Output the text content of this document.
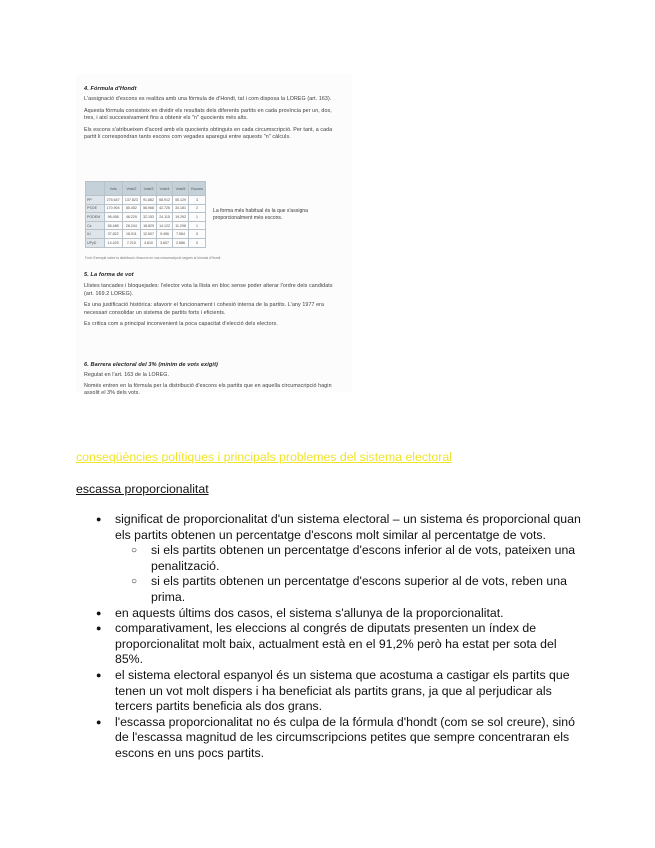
4. Fórmula d'Hondt
L'assignació d'escons es realitza amb una fórmula de d'Hondt, tal i com disposa la LOREG (art. 163).
Aquesta fórmula consisteix en dividir els resultats dels diferents partits en cada província per un, dos, tres, i així successivament fins a obtenir els "n" quocients més alts.
Els escons s'atribueixen d'acord amb els quocients obtinguts en cada circumscripció. Per tant, a cada partit li correspondran tants escons com vegades aparegui entre aquests "n" càlculs.
	Vots	Vots/2	Vots/3	Vots/4	Vots/5	Escons
PP	275.647	137.823	91.882	68.912	55.129	3
PSOE	170.904	85.452	56.968	42.726	34.181	2
PODEM	96.458	48.229	32.153	24.115	19.292	1
Cs	56.488	28.244	18.829	14.122	11.298	1
IU	37.822	18.911	12.607	9.456	7.564	0
UPyD	14.429	7.215	4.810	3.607	2.886	0
Font: Exemple sobre la distribució d'escons en una circumscripció segons la fórmula d'Hondt
La forma més habitual és la que s'assigna proporcionalment més escons.
5. La forma de vot
Llistes tancades i bloquejades: l'elector vota la llista en bloc sense poder alterar l'ordre dels candidats (art. 169.2 LOREG).
Es una justificació històrica: afavorir el funcionament i cohesió interna de la partits. L'any 1977 era necessari consolidar un sistema de partits forts i eficients.
Es critica com a principal inconvenient la poca capacitat d'elecció dels electors.
6. Barrera electoral del 3% (mínim de vots exigit)
Regulat en l'art. 163 de la LOREG.
Només entren en la fórmula per la distribució d'escons els partits que en aquella circumscripció hagin assolit el 3% dels vots.
conseqüències polítiques i principals problemes del sistema electoral
escassa proporcionalitat
● significat de proporcionalitat d'un sistema electoral – un sistema és proporcional quan els partits obtenen un percentatge d'escons molt similar al percentatge de vots.
○ si els partits obtenen un percentatge d'escons inferior al de vots, pateixen una penalització.
○ si els partits obtenen un percentatge d'escons superior al de vots, reben una prima.
● en aquests últims dos casos, el sistema s'allunya de la proporcionalitat.
● comparativament, les eleccions al congrés de diputats presenten un índex de proporcionalitat molt baix, actualment està en el 91,2% però ha estat per sota del 85%.
● el sistema electoral espanyol és un sistema que acostuma a castigar els partits que tenen un vot molt dispers i ha beneficiat als partits grans, ja que al perjudicar als tercers partits beneficia als dos grans.
● l'escassa proporcionalitat no és culpa de la fórmula d'hondt (com se sol creure), sinó de l'escassa magnitud de les circumscripcions petites que sempre concentraran els escons en uns pocs partits.
